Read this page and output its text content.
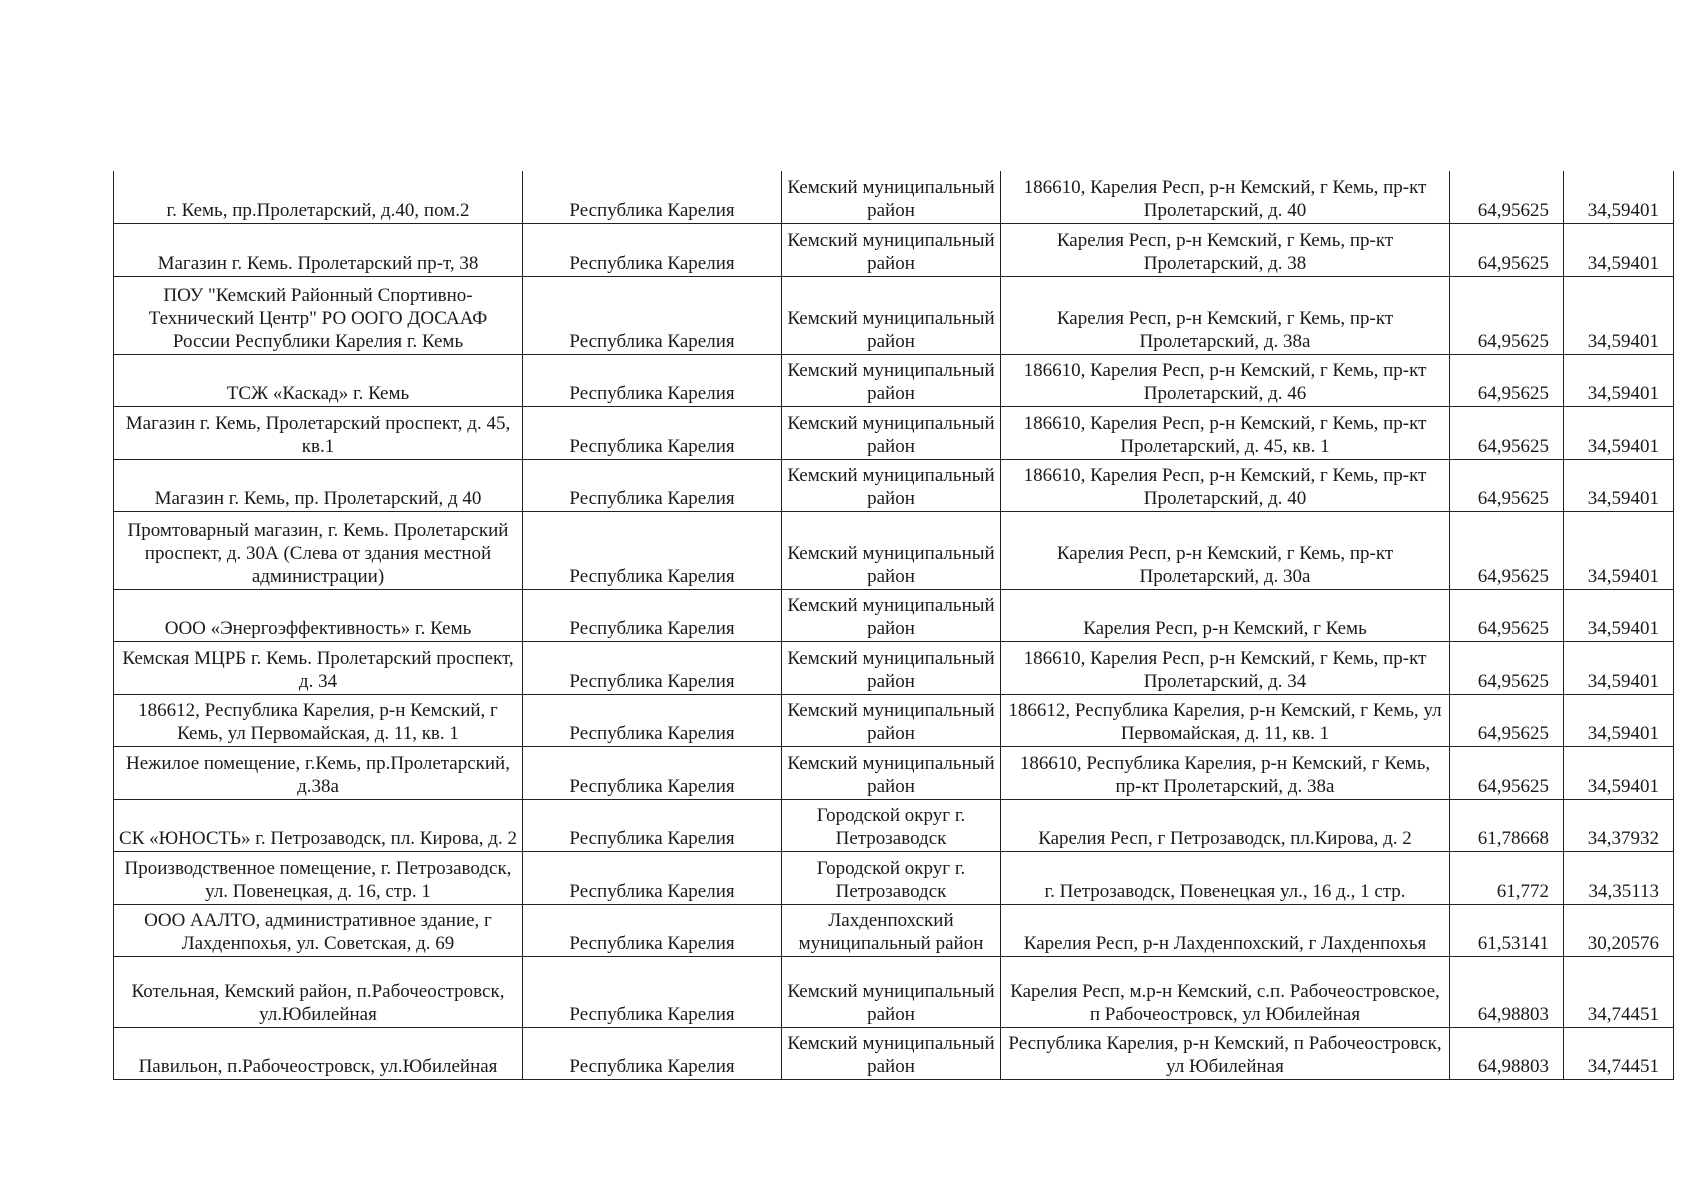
г. Кемь, пр.Пролетарский, д.40, пом.2	Республика Карелия	Кемский муниципальный район	186610, Карелия Респ, р-н Кемский, г Кемь, пр-кт Пролетарский, д. 40	64,95625	34,59401
Магазин г. Кемь. Пролетарский пр-т, 38	Республика Карелия	Кемский муниципальный район	Карелия Респ, р-н Кемский, г Кемь, пр-кт Пролетарский, д. 38	64,95625	34,59401
ПОУ "Кемский Районный Спортивно-Технический Центр" РО ООГО ДОСААФ России Республики Карелия г. Кемь	Республика Карелия	Кемский муниципальный район	Карелия Респ, р-н Кемский, г Кемь, пр-кт Пролетарский, д. 38а	64,95625	34,59401
ТСЖ «Каскад» г. Кемь	Республика Карелия	Кемский муниципальный район	186610, Карелия Респ, р-н Кемский, г Кемь, пр-кт Пролетарский, д. 46	64,95625	34,59401
Магазин г. Кемь, Пролетарский проспект, д. 45, кв.1	Республика Карелия	Кемский муниципальный район	186610, Карелия Респ, р-н Кемский, г Кемь, пр-кт Пролетарский, д. 45, кв. 1	64,95625	34,59401
Магазин г. Кемь, пр. Пролетарский, д 40	Республика Карелия	Кемский муниципальный район	186610, Карелия Респ, р-н Кемский, г Кемь, пр-кт Пролетарский, д. 40	64,95625	34,59401
Промтоварный магазин, г. Кемь. Пролетарский проспект, д. 30А (Слева от здания местной администрации)	Республика Карелия	Кемский муниципальный район	Карелия Респ, р-н Кемский, г Кемь, пр-кт Пролетарский, д. 30а	64,95625	34,59401
ООО «Энергоэффективность» г. Кемь	Республика Карелия	Кемский муниципальный район	Карелия Респ, р-н Кемский, г Кемь	64,95625	34,59401
Кемская МЦРБ г. Кемь. Пролетарский проспект, д. 34	Республика Карелия	Кемский муниципальный район	186610, Карелия Респ, р-н Кемский, г Кемь, пр-кт Пролетарский, д. 34	64,95625	34,59401
186612, Республика Карелия, р-н Кемский, г Кемь, ул Первомайская, д. 11, кв. 1	Республика Карелия	Кемский муниципальный район	186612, Республика Карелия, р-н Кемский, г Кемь, ул Первомайская, д. 11, кв. 1	64,95625	34,59401
Нежилое помещение, г.Кемь, пр.Пролетарский, д.38а	Республика Карелия	Кемский муниципальный район	186610, Республика Карелия, р-н Кемский, г Кемь, пр-кт Пролетарский, д. 38а	64,95625	34,59401
СК «ЮНОСТЬ» г. Петрозаводск, пл. Кирова, д. 2	Республика Карелия	Городской округ г. Петрозаводск	Карелия Респ, г Петрозаводск, пл.Кирова, д. 2	61,78668	34,37932
Производственное помещение, г. Петрозаводск, ул. Повенецкая, д. 16, стр. 1	Республика Карелия	Городской округ г. Петрозаводск	г. Петрозаводск, Повенецкая ул., 16 д., 1 стр.	61,772	34,35113
ООО ААЛТО, административное здание, г Лахденпохья, ул. Советская, д. 69	Республика Карелия	Лахденпохский муниципальный район	Карелия Респ, р-н Лахденпохский, г Лахденпохья	61,53141	30,20576
Котельная, Кемский район, п.Рабочеостровск, ул.Юбилейная	Республика Карелия	Кемский муниципальный район	Карелия Респ, м.р-н Кемский, с.п. Рабочеостровское, п Рабочеостровск, ул Юбилейная	64,98803	34,74451
Павильон, п.Рабочеостровск, ул.Юбилейная	Республика Карелия	Кемский муниципальный район	Республика Карелия, р-н Кемский, п Рабочеостровск, ул Юбилейная	64,98803	34,74451
